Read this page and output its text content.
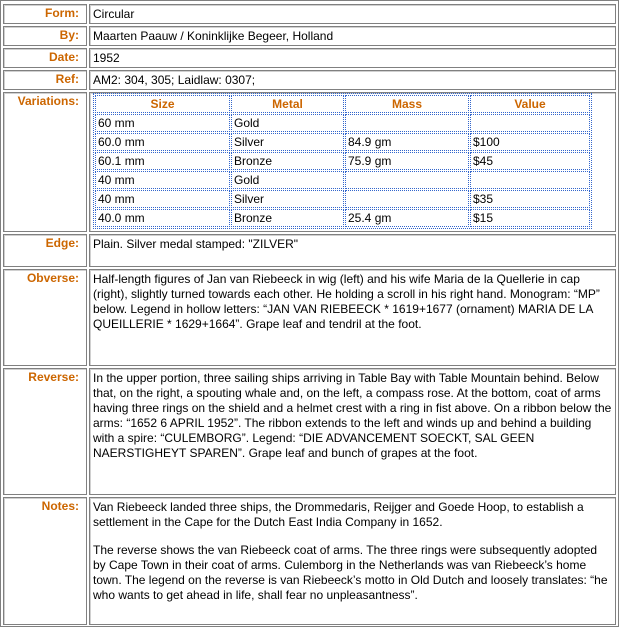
Form:	Circular
By:	Maarten Paauw / Koninklijke Begeer, Holland
Date:	1952
Ref:	AM2: 304, 305; Laidlaw: 0307;
Variations:	Size	Metal	Mass	Value
60 mm	Gold		
60.0 mm	Silver	84.9 gm	$100
60.1 mm	Bronze	75.9 gm	$45
40 mm	Gold		
40 mm	Silver		$35
40.0 mm	Bronze	25.4 gm	$15
Edge:	Plain. Silver medal stamped: "ZILVER"
Obverse:	Half-length figures of Jan van Riebeeck in wig (left) and his wife Maria de la Quellerie in cap (right), slightly turned towards each other. He holding a scroll in his right hand. Monogram: “MP” below. Legend in hollow letters: “JAN VAN RIEBEECK * 1619+1677 (ornament) MARIA DE LA QUEILLERIE * 1629+1664”. Grape leaf and tendril at the foot.
Reverse:	In the upper portion, three sailing ships arriving in Table Bay with Table Mountain behind. Below that, on the right, a spouting whale and, on the left, a compass rose. At the bottom, coat of arms having three rings on the shield and a helmet crest with a ring in fist above. On a ribbon below the arms: “1652 6 APRIL 1952”. The ribbon extends to the left and winds up and behind a building with a spire: “CULEMBORG”. Legend: “DIE ADVANCEMENT SOECKT, SAL GEEN NAERSTIGHEYT SPAREN”. Grape leaf and bunch of grapes at the foot.
Notes:	Van Riebeeck landed three ships, the Drommedaris, Reijger and Goede Hoop, to establish a settlement in the Cape for the Dutch East India Company in 1652.

The reverse shows the van Riebeeck coat of arms. The three rings were subsequently adopted by Cape Town in their coat of arms. Culemborg in the Netherlands was van Riebeeck’s home town. The legend on the reverse is van Riebeeck’s motto in Old Dutch and loosely translates: “he who wants to get ahead in life, shall fear no unpleasantness”.
